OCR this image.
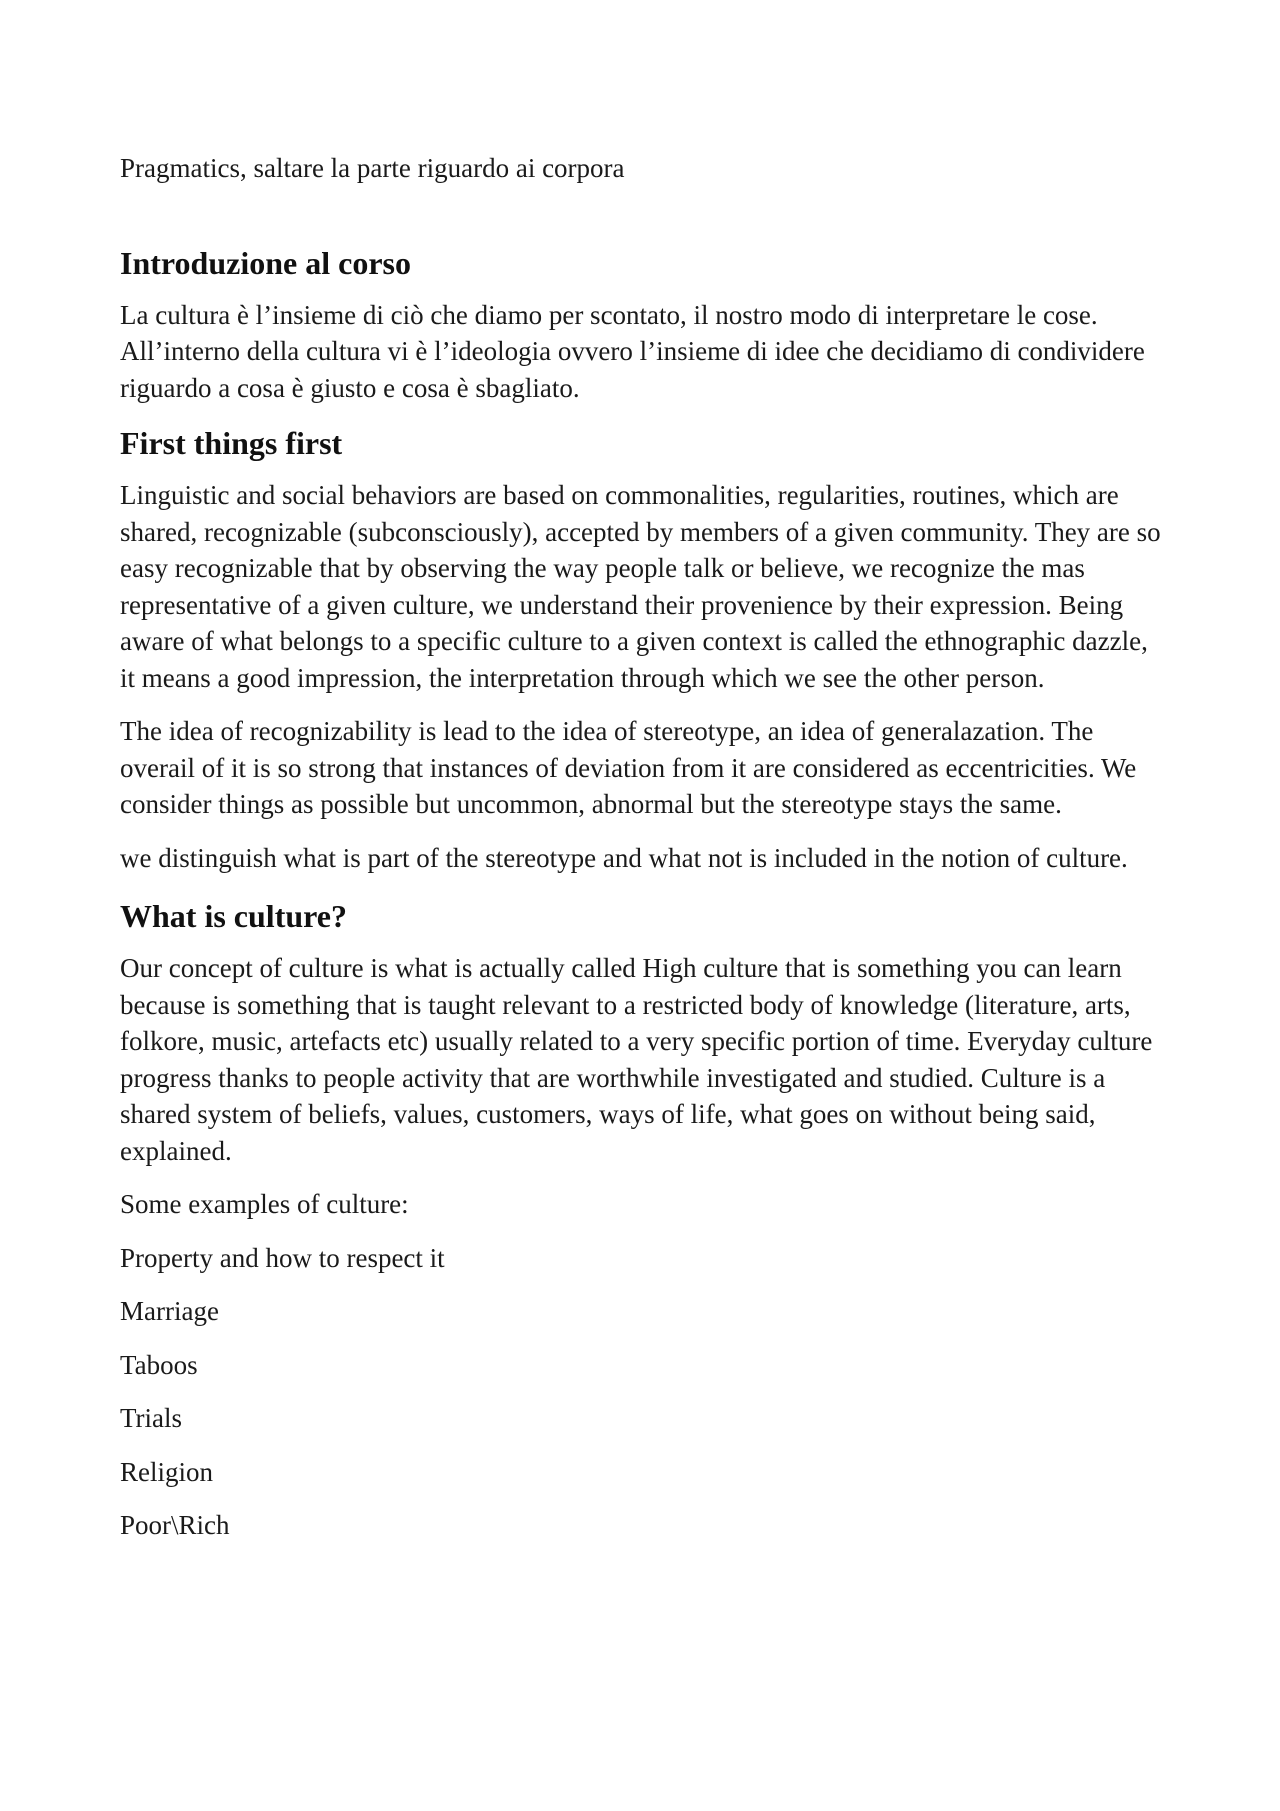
Pragmatics, saltare la parte riguardo ai corpora

Introduzione al corso

La cultura è l’insieme di ciò che diamo per scontato, il nostro modo di interpretare le cose. All’interno della cultura vi è l’ideologia ovvero l’insieme di idee che decidiamo di condividere riguardo a cosa è giusto e cosa è sbagliato.

First things first

Linguistic and social behaviors are based on commonalities, regularities, routines, which are shared, recognizable (subconsciously), accepted by members of a given community. They are so easy recognizable that by observing the way people talk or believe, we recognize the mas representative of a given culture, we understand their provenience by their expression. Being aware of what belongs to a specific culture to a given context is called the ethnographic dazzle, it means a good impression, the interpretation through which we see the other person.

The idea of recognizability is lead to the idea of stereotype, an idea of generalazation. The overail of it is so strong that instances of deviation from it are considered as eccentricities. We consider things as possible but uncommon, abnormal but the stereotype stays the same.

we distinguish what is part of the stereotype and what not is included in the notion of culture.

What is culture?

Our concept of culture is what is actually called High culture that is something you can learn because is something that is taught relevant to a restricted body of knowledge (literature, arts, folkore, music, artefacts etc) usually related to a very specific portion of time. Everyday culture progress thanks to people activity that are worthwhile investigated and studied. Culture is a shared system of beliefs, values, customers, ways of life, what goes on without being said, explained.

Some examples of culture:

Property and how to respect it

Marriage

Taboos

Trials

Religion

Poor\Rich
